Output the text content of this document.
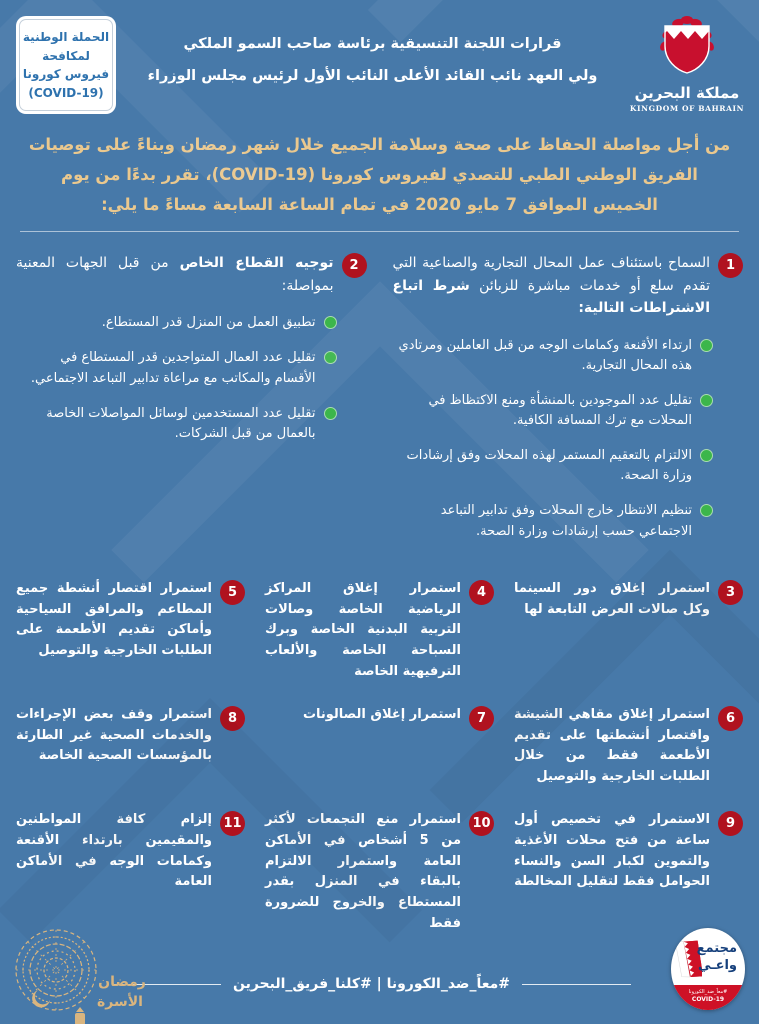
الحملة الوطنية
لمكافحة
فيروس كورونا
(COVID-19)
قرارات اللجنة التنسيقية برئاسة صاحب السمو الملكي
ولي العهد نائب القائد الأعلى النائب الأول لرئيس مجلس الوزراء
مملكة البحرين
KINGDOM OF BAHRAIN

من أجل مواصلة الحفاظ على صحة وسلامة الجميع خلال شهر رمضان وبناءً على توصيات الفريق الوطني الطبي للتصدي لفيروس كورونا (COVID-19)، تقرر بدءًا من يوم الخميس الموافق 7 مايو 2020 في تمام الساعة السابعة مساءً ما يلي:

1

السماح باستئناف عمل المحال التجارية والصناعية التي تقدم سلع أو خدمات مباشرة للزبائن شرط اتباع الاشتراطات التالية:

ارتداء الأقنعة وكمامات الوجه من قبل العاملين ومرتادي هذه المحال التجارية.
تقليل عدد الموجودين بالمنشأة ومنع الاكتظاظ في المحلات مع ترك المسافة الكافية.
الالتزام بالتعقيم المستمر لهذه المحلات وفق إرشادات وزارة الصحة.
تنظيم الانتظار خارج المحلات وفق تدابير التباعد الاجتماعي حسب إرشادات وزارة الصحة.
2

توجيه القطاع الخاص من قبل الجهات المعنية بمواصلة:

تطبيق العمل من المنزل قدر المستطاع.
تقليل عدد العمال المتواجدين قدر المستطاع في الأقسام والمكاتب مع مراعاة تدابير التباعد الاجتماعي.
تقليل عدد المستخدمين لوسائل المواصلات الخاصة بالعمال من قبل الشركات.
3

استمرار إغلاق دور السينما وكل صالات العرض التابعة لها

4

استمرار إغلاق المراكز الرياضية الخاصة وصالات التربية البدنية الخاصة وبرك السباحة الخاصة والألعاب الترفيهية الخاصة

5

استمرار اقتصار أنشطة جميع المطاعم والمرافق السياحية وأماكن تقديم الأطعمة على الطلبات الخارجية والتوصيل

6

استمرار إغلاق مقاهي الشيشة واقتصار أنشطتها على تقديم الأطعمة فقط من خلال الطلبات الخارجية والتوصيل

7

استمرار إغلاق الصالونات

8

استمرار وقف بعض الإجراءات والخدمات الصحية غير الطارئة بالمؤسسات الصحية الخاصة

9

الاستمرار في تخصيص أول ساعة من فتح محلات الأغذية والتموين لكبار السن والنساء الحوامل فقط لتقليل المخالطة

10

استمرار منع التجمعات لأكثر من 5 أشخاص في الأماكن العامة واستمرار الالتزام بالبقاء في المنزل بقدر المستطاع والخروج للضرورة فقط

11

إلزام كافة المواطنين والمقيمين بارتداء الأقنعة وكمامات الوجه في الأماكن العامة

#معاً_ضد_الكورونا | #كلنا_فريق_البحرين
رمضان
الأسرة
مجتمع
واعـي
#معاً_ضد_الكورونا
COVID-19
